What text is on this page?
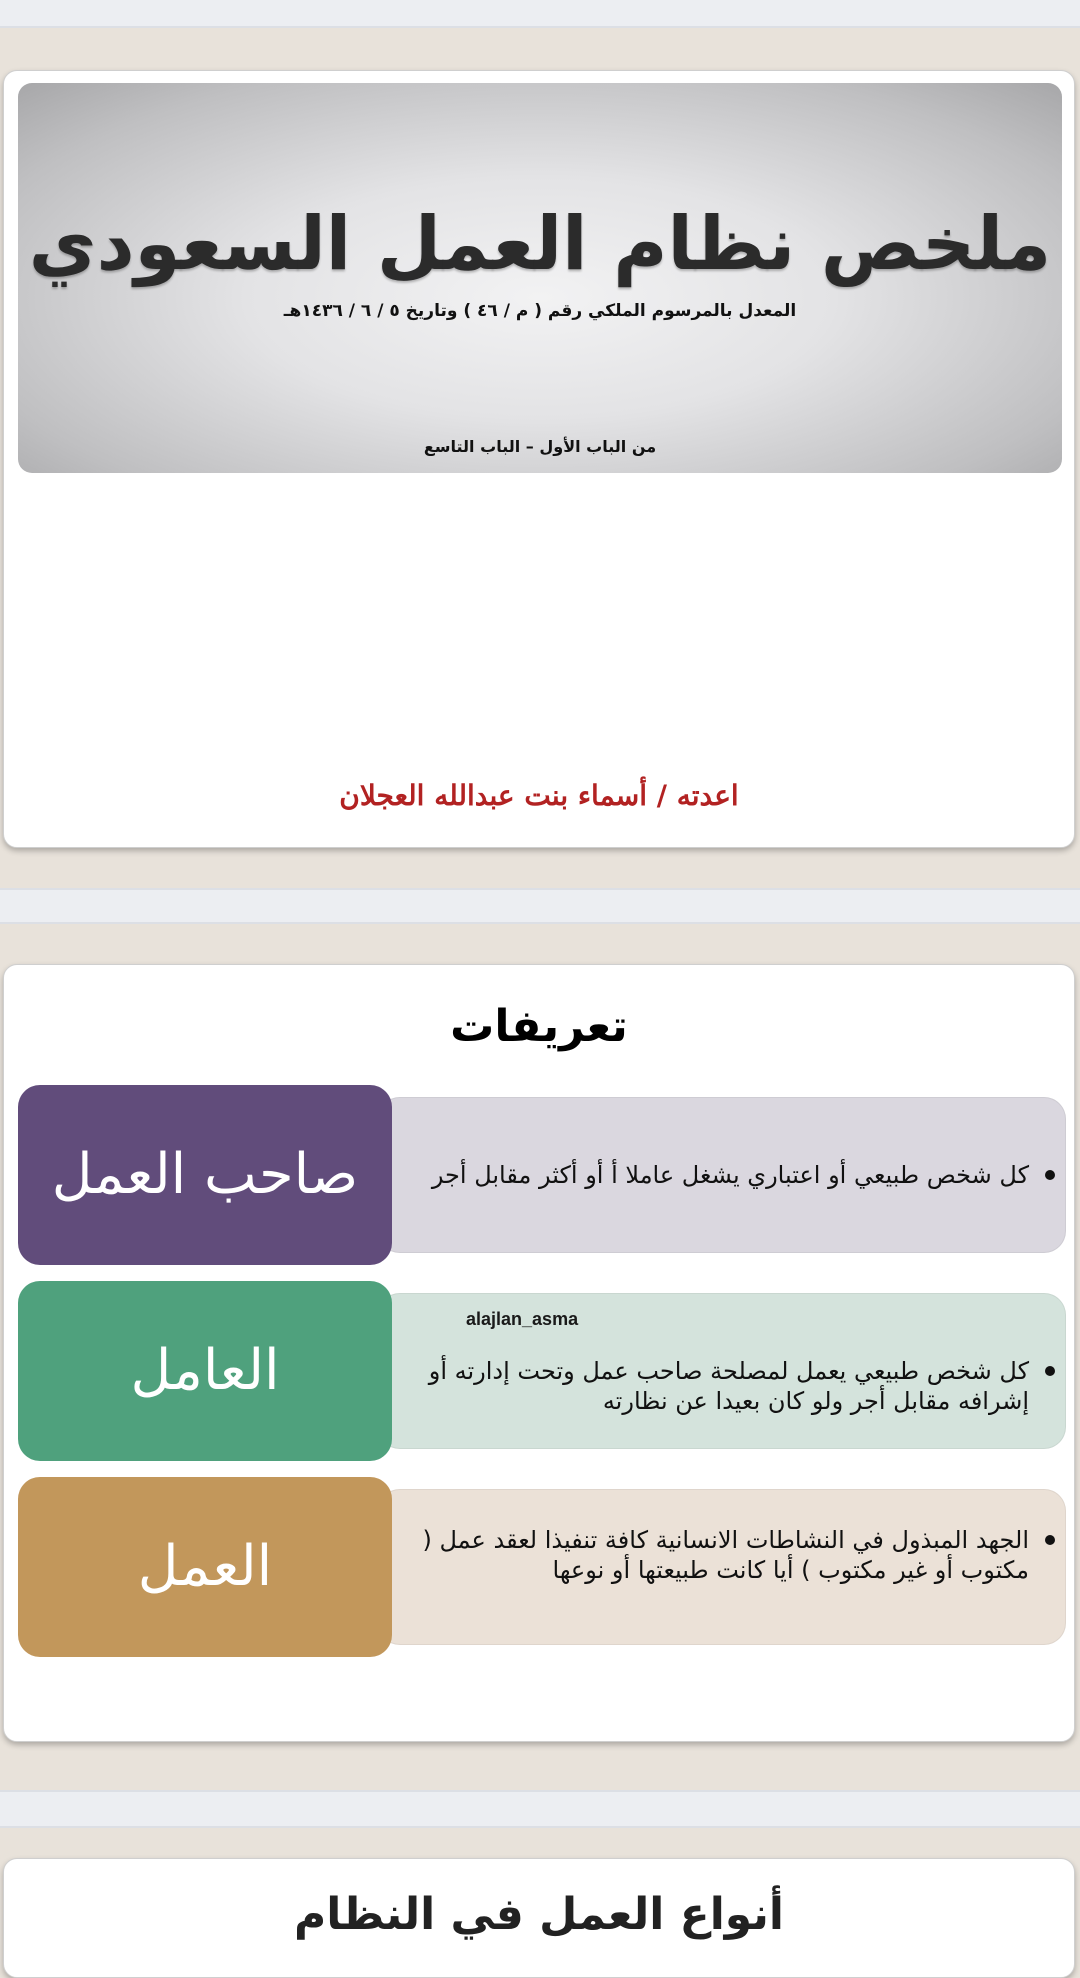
ملخص نظام العمل السعودي
المعدل بالمرسوم الملكي رقم ( م / ٤٦ ) وتاريخ ٥ / ٦ / ١٤٣٦هـ
من الباب الأول – الباب التاسع
اعدته / أسماء بنت عبدالله العجلان
تعريفات
كل شخص طبيعي أو اعتباري يشغل عاملا أ أو أكثر مقابل أجر
صاحب العمل
كل شخص طبيعي يعمل لمصلحة صاحب عمل وتحت إدارته أو إشرافه مقابل أجر ولو كان بعيدا عن نظارته
العامل
الجهد المبذول في النشاطات الانسانية كافة تنفيذا لعقد عمل ( مكتوب أو غير مكتوب ) أيا كانت طبيعتها أو نوعها
العمل
alajlan_asma
أنواع العمل في النظام
